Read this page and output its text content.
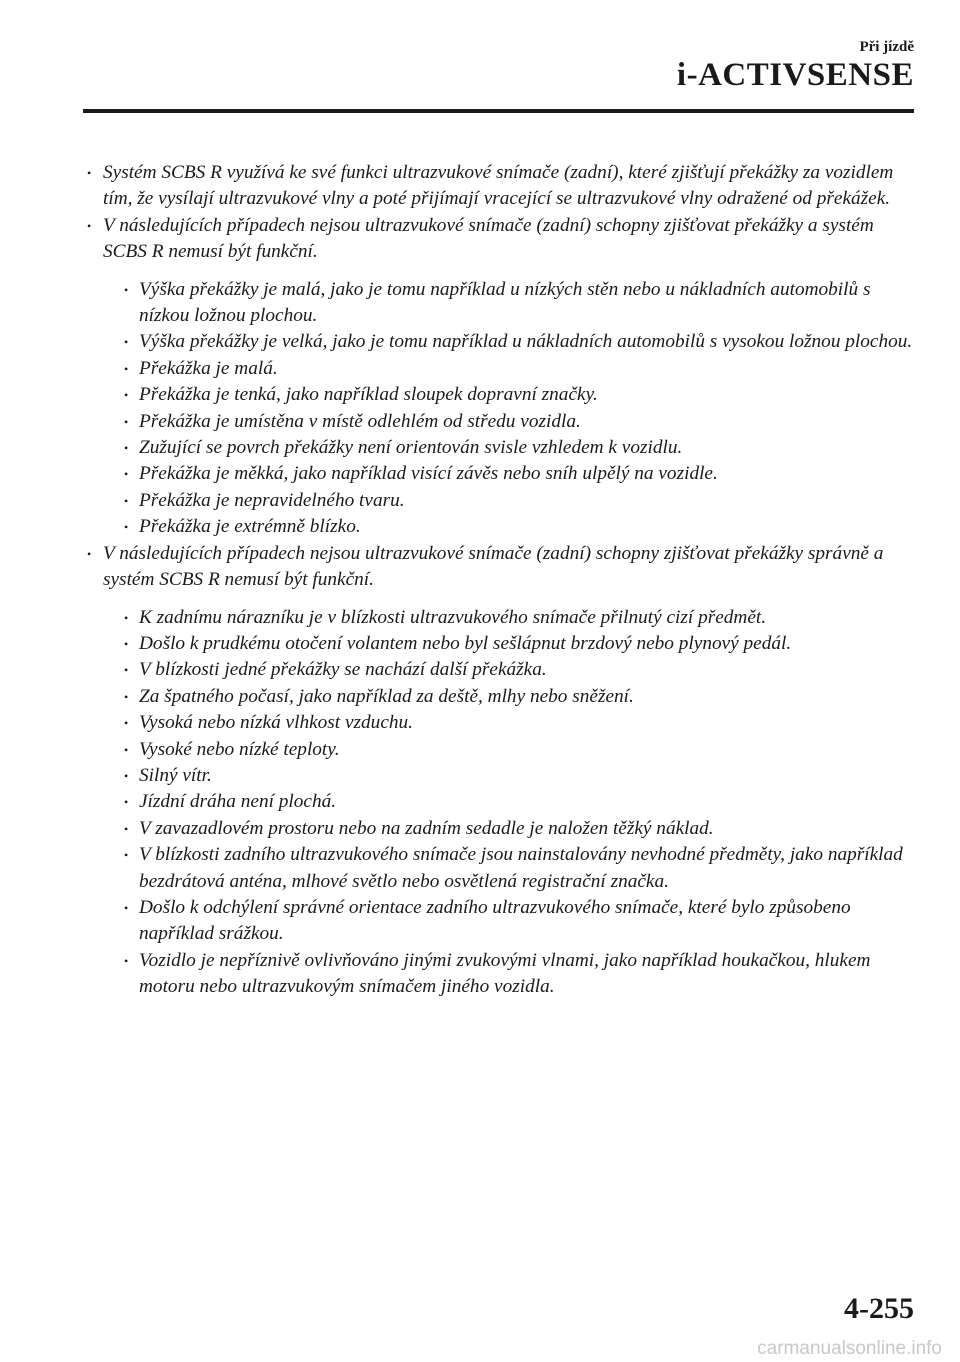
Při jízdě
i-ACTIVSENSE
• Systém SCBS R využívá ke své funkci ultrazvukové snímače (zadní), které zjišťují překážky za vozidlem tím, že vysílají ultrazvukové vlny a poté přijímají vracející se ultrazvukové vlny odražené od překážek.
• V následujících případech nejsou ultrazvukové snímače (zadní) schopny zjišťovat překážky a systém SCBS R nemusí být funkční.
• Výška překážky je malá, jako je tomu například u nízkých stěn nebo u nákladních automobilů s nízkou ložnou plochou.
• Výška překážky je velká, jako je tomu například u nákladních automobilů s vysokou ložnou plochou.
• Překážka je malá.
• Překážka je tenká, jako například sloupek dopravní značky.
• Překážka je umístěna v místě odlehlém od středu vozidla.
• Zužující se povrch překážky není orientován svisle vzhledem k vozidlu.
• Překážka je měkká, jako například visící závěs nebo sníh ulpělý na vozidle.
• Překážka je nepravidelného tvaru.
• Překážka je extrémně blízko.
• V následujících případech nejsou ultrazvukové snímače (zadní) schopny zjišťovat překážky správně a systém SCBS R nemusí být funkční.
• K zadnímu nárazníku je v blízkosti ultrazvukového snímače přilnutý cizí předmět.
• Došlo k prudkému otočení volantem nebo byl sešlápnut brzdový nebo plynový pedál.
• V blízkosti jedné překážky se nachází další překážka.
• Za špatného počasí, jako například za deště, mlhy nebo sněžení.
• Vysoká nebo nízká vlhkost vzduchu.
• Vysoké nebo nízké teploty.
• Silný vítr.
• Jízdní dráha není plochá.
• V zavazadlovém prostoru nebo na zadním sedadle je naložen těžký náklad.
• V blízkosti zadního ultrazvukového snímače jsou nainstalovány nevhodné předměty, jako například bezdrátová anténa, mlhové světlo nebo osvětlená registrační značka.
• Došlo k odchýlení správné orientace zadního ultrazvukového snímače, které bylo způsobeno například srážkou.
• Vozidlo je nepříznivě ovlivňováno jinými zvukovými vlnami, jako například houkačkou, hlukem motoru nebo ultrazvukovým snímačem jiného vozidla.
4-255
carmanualsonline.info
